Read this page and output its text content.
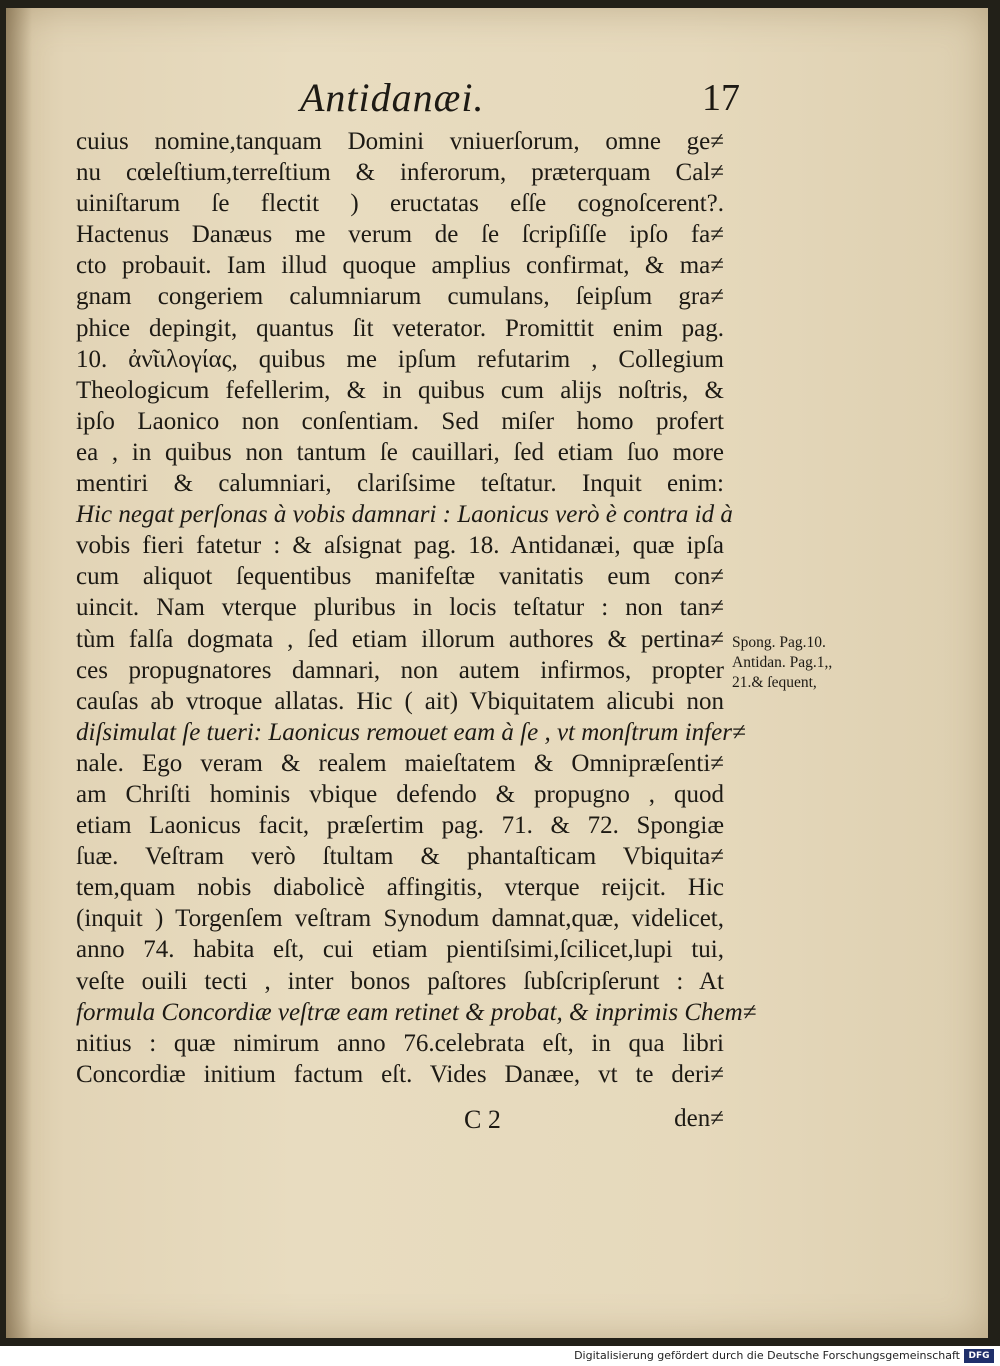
Antidanæi.	17
cuius nomine,tanquam Domini vniuerſorum, omne ge≠
nu cœleſtium,terreſtium & inferorum, præterquam Cal≠
uiniſtarum ſe flectit ) eructatas eſſe cognoſcerent?.
Hactenus Danæus me verum de ſe ſcripſiſſe ipſo fa≠
cto probauit. Iam illud quoque amplius confirmat, & ma≠
gnam congeriem calumniarum cumulans, ſeipſum gra≠
phice depingit, quantus ſit veterator. Promittit enim pag.
10. ἀνῖιλογίας, quibus me ipſum refutarim , Collegium
Theologicum fefellerim, & in quibus cum alijs noſtris, &
ipſo Laonico non conſentiam. Sed miſer homo profert
ea , in quibus non tantum ſe cauillari, ſed etiam ſuo more
mentiri & calumniari, clariſsime teſtatur. Inquit enim:
Hic negat perſonas à vobis damnari : Laonicus verò è contra id à
vobis fieri fatetur : & aſsignat pag. 18. Antidanæi, quæ ipſa
cum aliquot ſequentibus manifeſtæ vanitatis eum con≠
uincit. Nam vterque pluribus in locis teſtatur : non tan≠
tùm falſa dogmata , ſed etiam illorum authores & pertina≠
ces propugnatores damnari, non autem infirmos, propter
cauſas ab vtroque allatas. Hic ( ait) Vbiquitatem alicubi non
diſsimulat ſe tueri: Laonicus remouet eam à ſe , vt monſtrum infer≠
nale. Ego veram & realem maieſtatem & Omnipræſenti≠
am Chriſti hominis vbique defendo & propugno , quod
etiam Laonicus facit, præſertim pag. 71. & 72. Spongiæ
ſuæ. Veſtram verò ſtultam & phantaſticam Vbiquita≠
tem,quam nobis diabolicè affingitis, vterque reijcit. Hic
(inquit ) Torgenſem veſtram Synodum damnat,quæ, videlicet,
anno 74. habita eſt, cui etiam pientiſsimi,ſcilicet,lupi tui,
veſte ouili tecti , inter bonos paſtores ſubſcripſerunt : At
formula Concordiæ veſtræ eam retinet & probat, & inprimis Chem≠
nitius : quæ nimirum anno 76.celebrata eſt, in qua libri
Concordiæ initium factum eſt. Vides Danæe, vt te deri≠
Spong. Pag.10.
Antidan. Pag.1,,
21.& ſequent,
C 2	den≠
Digitalisierung gefördert durch die Deutsche Forschungsgemeinschaft DFG
